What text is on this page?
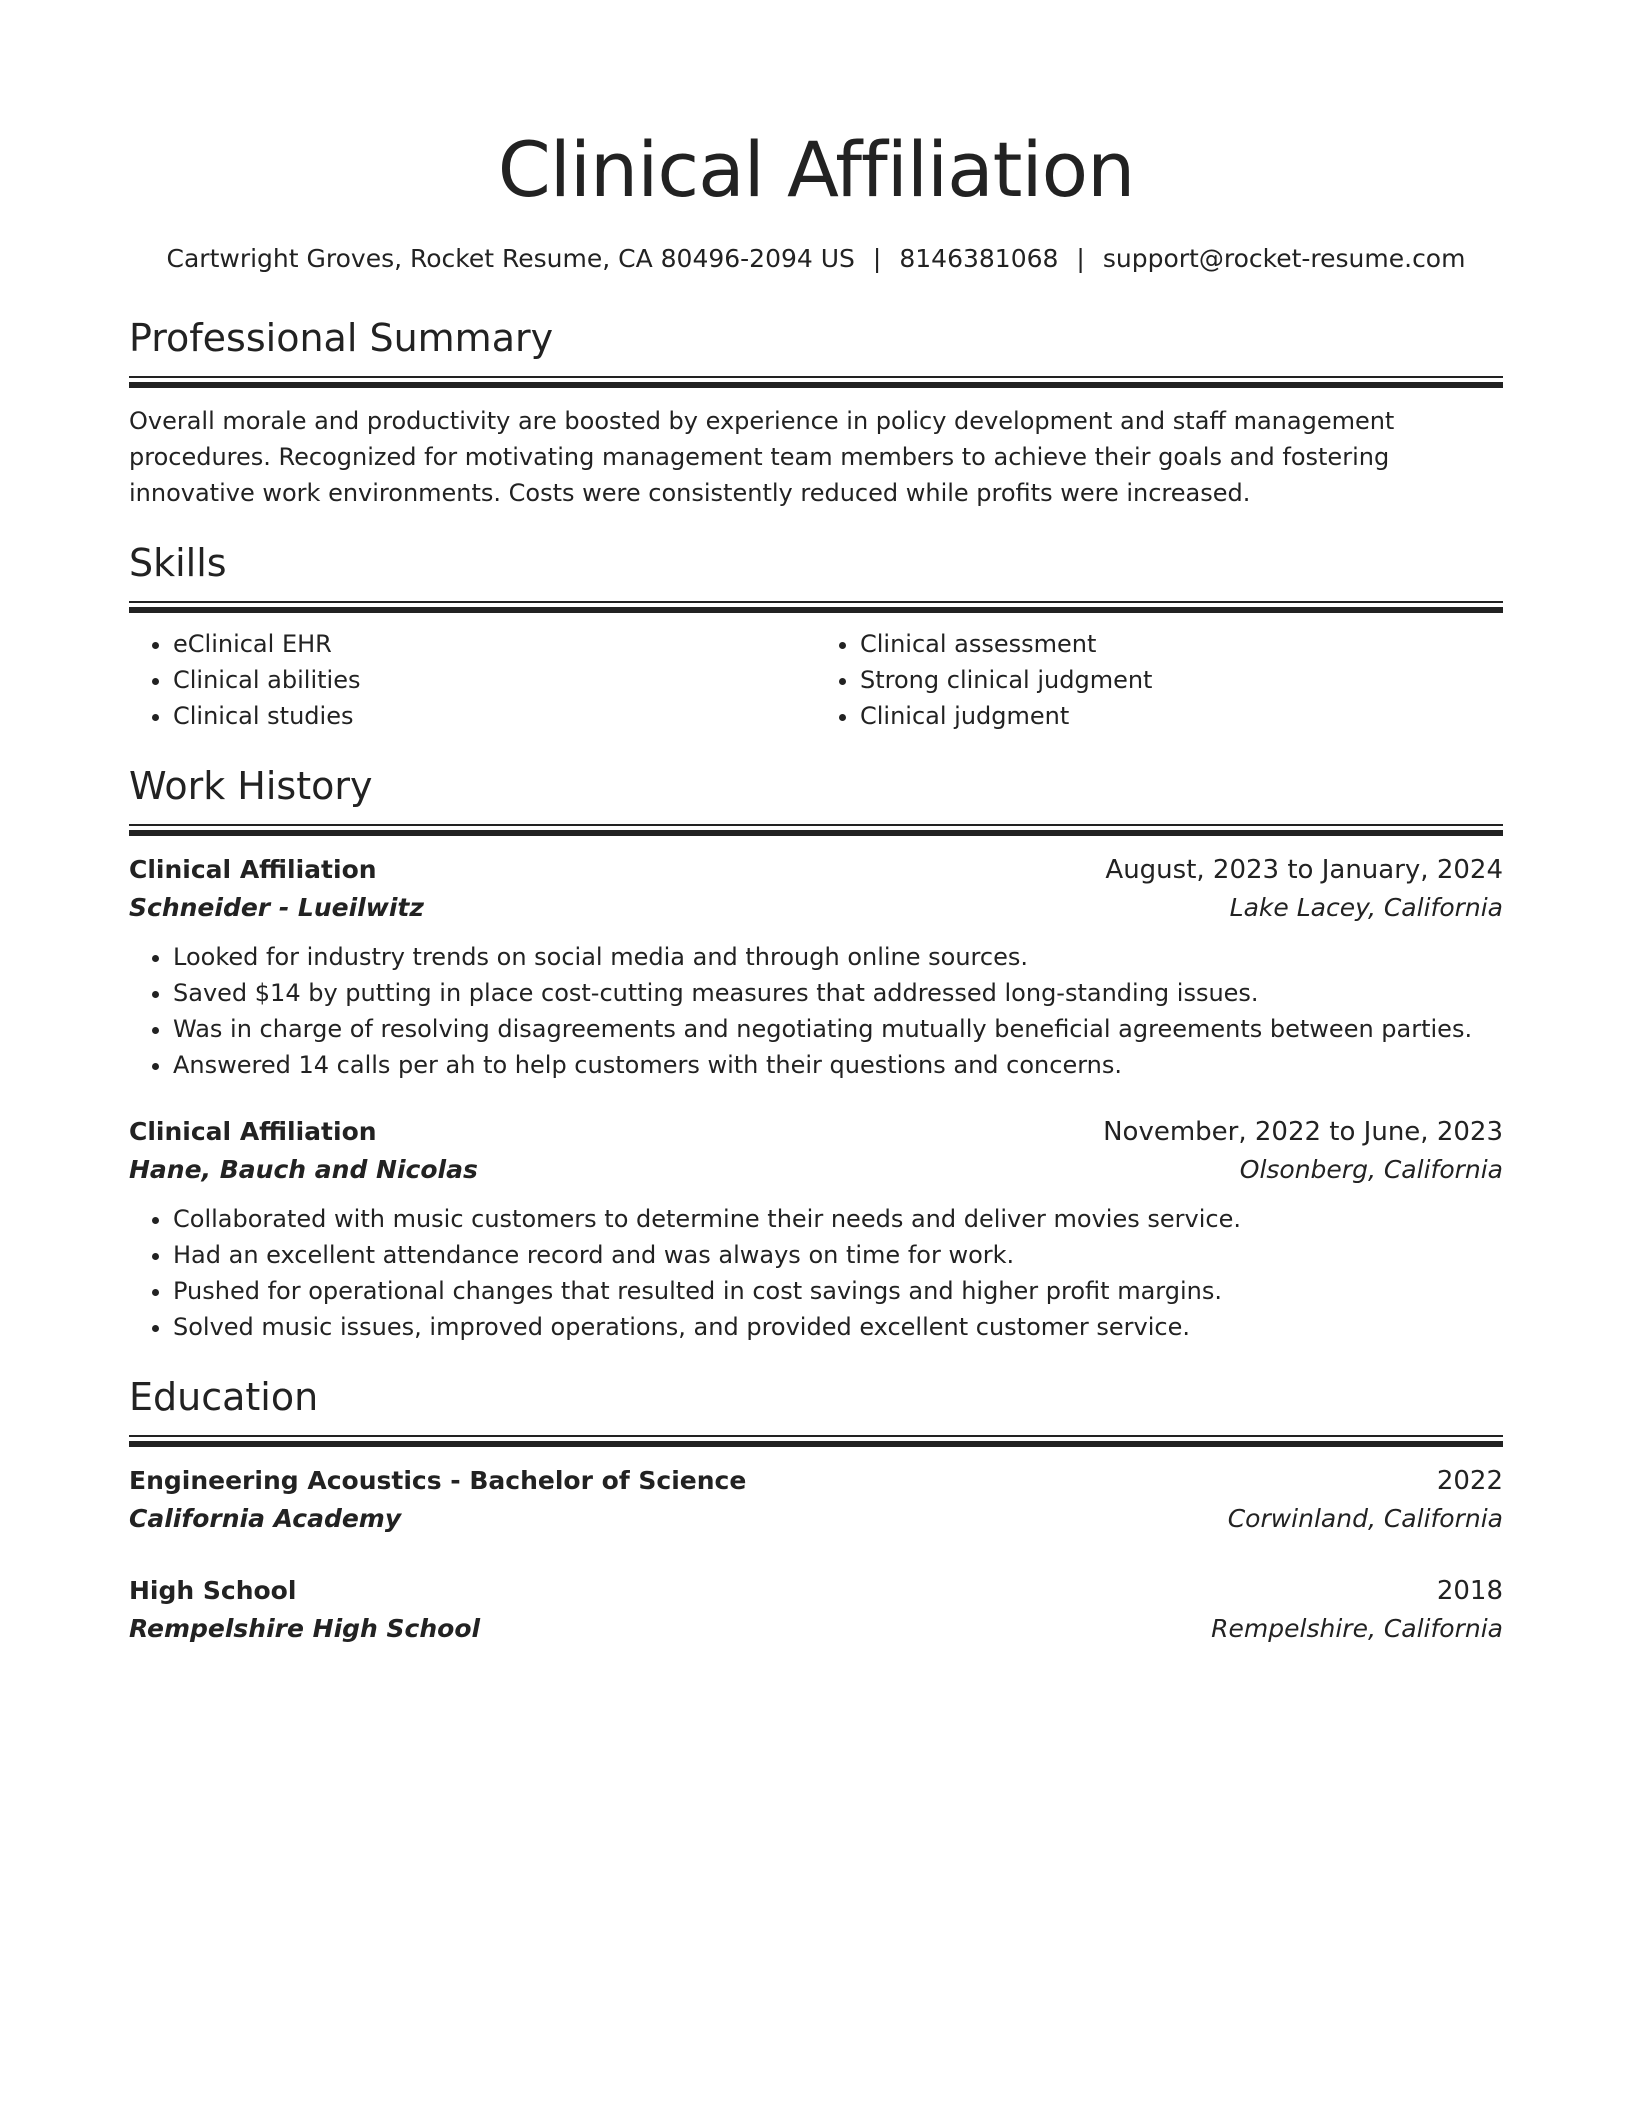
Clinical Affiliation
Cartwright Groves, Rocket Resume, CA 80496-2094 US | 8146381068 | support@rocket-resume.com
Professional Summary

Overall morale and productivity are boosted by experience in policy development and staff management procedures. Recognized for motivating management team members to achieve their goals and fostering innovative work environments. Costs were consistently reduced while profits were increased.

Skills
• eClinical EHR
• Clinical abilities
• Clinical studies
• Clinical assessment
• Strong clinical judgment
• Clinical judgment
Work History
Clinical Affiliation	August, 2023 to January, 2024
Schneider - Lueilwitz	Lake Lacey, California
• Looked for industry trends on social media and through online sources.
• Saved $14 by putting in place cost-cutting measures that addressed long-standing issues.
• Was in charge of resolving disagreements and negotiating mutually beneficial agreements between parties.
• Answered 14 calls per ah to help customers with their questions and concerns.
Clinical Affiliation	November, 2022 to June, 2023
Hane, Bauch and Nicolas	Olsonberg, California
• Collaborated with music customers to determine their needs and deliver movies service.
• Had an excellent attendance record and was always on time for work.
• Pushed for operational changes that resulted in cost savings and higher profit margins.
• Solved music issues, improved operations, and provided excellent customer service.
Education
Engineering Acoustics - Bachelor of Science	2022
California Academy	Corwinland, California
High School	2018
Rempelshire High School	Rempelshire, California
